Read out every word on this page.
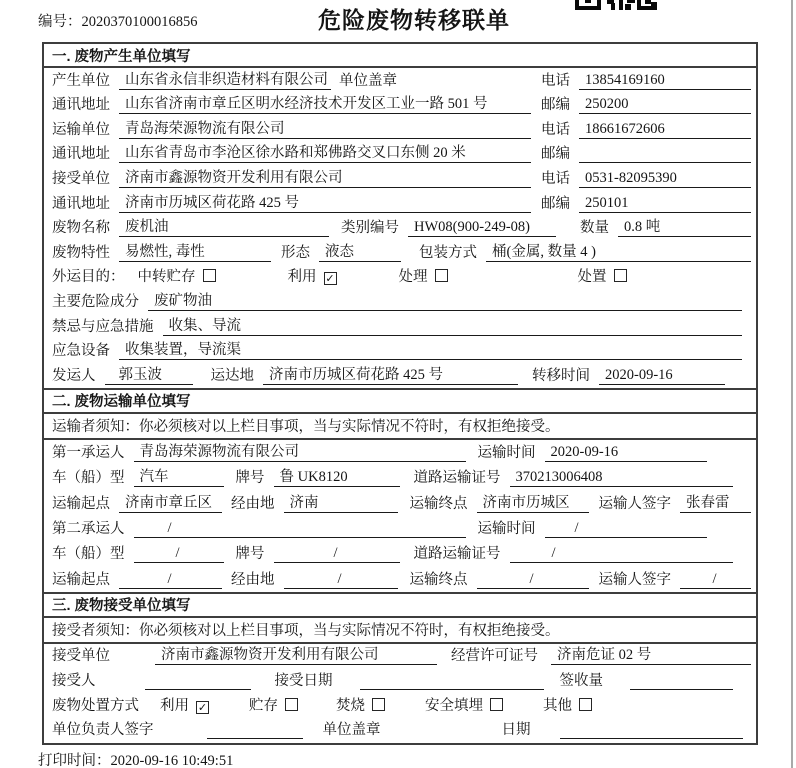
编号：2020370100016856	危险废物转移联单
一. 废物产生单位填写
产生单位	山东省永信非织造材料有限公司 单位盖章	电话	13854169160
通讯地址	山东省济南市章丘区明水经济技术开发区工业一路 501 号	邮编	250200
运输单位	青岛海荣源物流有限公司	电话	18661672606
通讯地址	山东省青岛市李沧区徐水路和郑佛路交叉口东侧 20 米	邮编
接受单位	济南市鑫源物资开发利用有限公司	电话	0531-82095390
通讯地址	济南市历城区荷花路 425 号	邮编	250101
废物名称	废机油	类别编号	HW08(900-249-08)	数量	0.8 吨
废物特性	易燃性, 毒性	形态	液态	包装方式	桶(金属, 数量 4 )
外运目的： 中转贮存	利用 ✓	处理	处置
主要危险成分	废矿物油
禁忌与应急措施	收集、导流
应急设备	收集装置，导流渠
发运人	郭玉波	运达地	济南市历城区荷花路 425 号	转移时间	2020-09-16
二. 废物运输单位填写
运输者须知：你必须核对以上栏目事项，当与实际情况不符时，有权拒绝接受。
第一承运人	青岛海荣源物流有限公司	运输时间	2020-09-16
车（船）型	汽车	牌号	鲁 UK8120	道路运输证号	370213006408
运输起点	济南市章丘区	经由地	济南	运输终点	济南市历城区	运输人签字	张春雷
第二承运人	/	运输时间	/
车（船）型	/	牌号	/	道路运输证号	/
运输起点	/	经由地	/	运输终点	/	运输人签字	/
三. 废物接受单位填写
接受者须知：你必须核对以上栏目事项，当与实际情况不符时，有权拒绝接受。
接受单位	济南市鑫源物资开发利用有限公司	经营许可证号	济南危证 02 号
接受人	接受日期	签收量
废物处置方式 利用 ✓	贮存	焚烧	安全填埋	其他
单位负责人签字	单位盖章	日期
打印时间：2020-09-16 10:49:51
